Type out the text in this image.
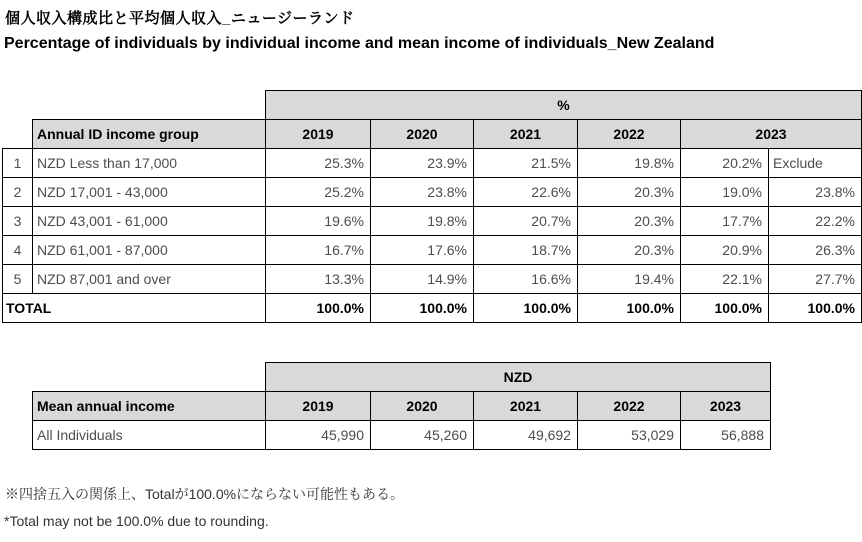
個人収入構成比と平均個人収入_ニュージーランド
Percentage of individuals by individual income and mean income of individuals_New Zealand
		%					
	Annual ID income group	2019	2020	2021	2022	2023	
1	NZD Less than 17,000	25.3%	23.9%	21.5%	19.8%	20.2%	Exclude
2	NZD 17,001 - 43,000	25.2%	23.8%	22.6%	20.3%	19.0%	23.8%
3	NZD 43,001 - 61,000	19.6%	19.8%	20.7%	20.3%	17.7%	22.2%
4	NZD 61,001 - 87,000	16.7%	17.6%	18.7%	20.3%	20.9%	26.3%
5	NZD 87,001 and over	13.3%	14.9%	16.6%	19.4%	22.1%	27.7%
TOTAL		100.0%	100.0%	100.0%	100.0%	100.0%	100.0%
	NZD				
Mean annual income	2019	2020	2021	2022	2023
All Individuals	45,990	45,260	49,692	53,029	56,888
※四捨五入の関係上、Totalが100.0%にならない可能性もある。
*Total may not be 100.0% due to rounding.
